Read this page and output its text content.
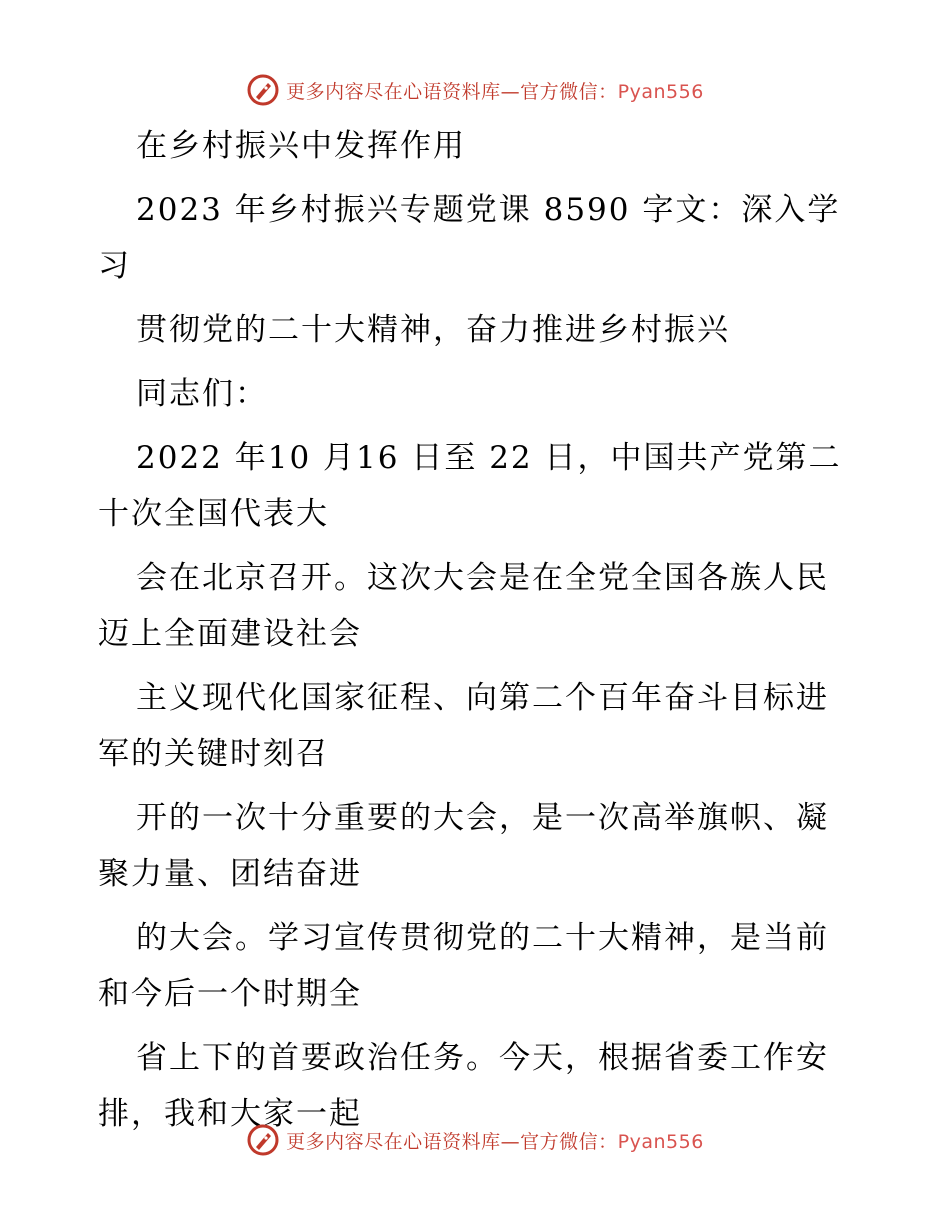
更多内容尽在心语资料库—官方微信：Pyan556
在乡村振兴中发挥作用
2023 年乡村振兴专题党课 8590 字文：深入学
习
贯彻党的二十大精神，奋力推进乡村振兴
同志们：
2022 年10 月16 日至 22 日，中国共产党第二
十次全国代表大
会在北京召开。这次大会是在全党全国各族人民
迈上全面建设社会
主义现代化国家征程、向第二个百年奋斗目标进
军的关键时刻召
开的一次十分重要的大会，是一次高举旗帜、凝
聚力量、团结奋进
的大会。学习宣传贯彻党的二十大精神，是当前
和今后一个时期全
省上下的首要政治任务。今天，根据省委工作安
排，我和大家一起
更多内容尽在心语资料库—官方微信：Pyan556
